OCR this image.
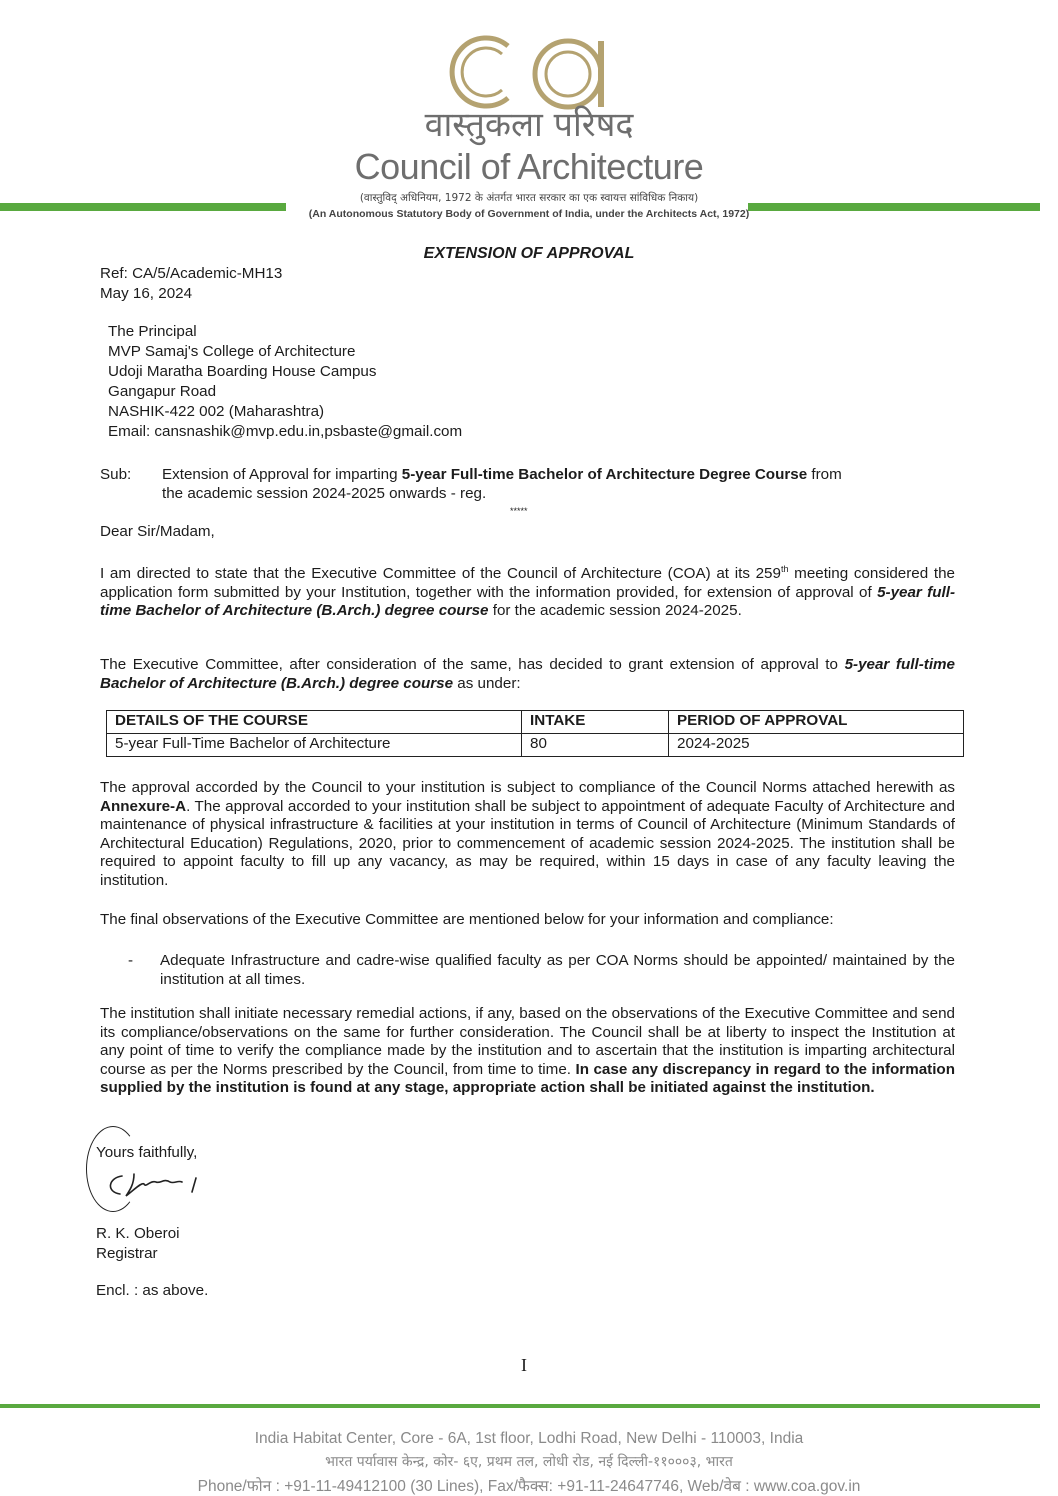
वास्तुकला परिषद
Council of Architecture
(वास्तुविद् अधिनियम, 1972 के अंतर्गत भारत सरकार का एक स्वायत्त सांविधिक निकाय)
(An Autonomous Statutory Body of Government of India, under the Architects Act, 1972)
EXTENSION OF APPROVAL
Ref: CA/5/Academic-MH13
May 16, 2024
The Principal
MVP Samaj's College of Architecture
Udoji Maratha Boarding House Campus
Gangapur Road
NASHIK-422 002 (Maharashtra)
Email: cansnashik@mvp.edu.in,psbaste@gmail.com
Sub: Extension of Approval for imparting 5-year Full-time Bachelor of Architecture Degree Course from
the academic session 2024-2025 onwards - reg.
*****
Dear Sir/Madam,
I am directed to state that the Executive Committee of the Council of Architecture (COA) at its 259th meeting considered the application form submitted by your Institution, together with the information provided, for extension of approval of 5-year full-time Bachelor of Architecture (B.Arch.) degree course for the academic session 2024-2025.
The Executive Committee, after consideration of the same, has decided to grant extension of approval to 5-year full-time Bachelor of Architecture (B.Arch.) degree course as under:
DETAILS OF THE COURSE	INTAKE	PERIOD OF APPROVAL
5-year Full-Time Bachelor of Architecture	80	2024-2025
The approval accorded by the Council to your institution is subject to compliance of the Council Norms attached herewith as Annexure-A. The approval accorded to your institution shall be subject to appointment of adequate Faculty of Architecture and maintenance of physical infrastructure & facilities at your institution in terms of Council of Architecture (Minimum Standards of Architectural Education) Regulations, 2020, prior to commencement of academic session 2024-2025. The institution shall be required to appoint faculty to fill up any vacancy, as may be required, within 15 days in case of any faculty leaving the institution.
The final observations of the Executive Committee are mentioned below for your information and compliance:
- Adequate Infrastructure and cadre-wise qualified faculty as per COA Norms should be appointed/ maintained by the institution at all times.
The institution shall initiate necessary remedial actions, if any, based on the observations of the Executive Committee and send its compliance/observations on the same for further consideration. The Council shall be at liberty to inspect the Institution at any point of time to verify the compliance made by the institution and to ascertain that the institution is imparting architectural course as per the Norms prescribed by the Council, from time to time. In case any discrepancy in regard to the information supplied by the institution is found at any stage, appropriate action shall be initiated against the institution.
Yours faithfully,
R. K. Oberoi
Registrar
Encl. : as above.
I
India Habitat Center, Core - 6A, 1st floor, Lodhi Road, New Delhi - 110003, India
भारत पर्यावास केन्द्र, कोर- ६ए, प्रथम तल, लोधी रोड, नई दिल्ली-११०००३, भारत
Phone/फोन : +91-11-49412100 (30 Lines), Fax/फैक्स: +91-11-24647746, Web/वेब : www.coa.gov.in
